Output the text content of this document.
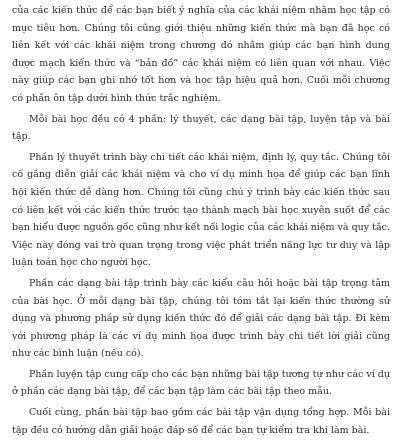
của các kiến thức để các bạn biết ý nghĩa của các khái niệm nhằm học tập có mục tiêu hơn. Chúng tôi cũng giới thiệu những kiến thức mà bạn đã học có liên kết với các khái niệm trong chương đó nhằm giúp các bạn hình dung được mạch kiến thức và “bản đồ” các khái niệm có liên quan với nhau. Việc này giúp các bạn ghi nhớ tốt hơn và học tập hiệu quả hơn. Cuối mỗi chương có phần ôn tập dưới hình thức trắc nghiệm.

Mỗi bài học đều có 4 phần: lý thuyết, các dạng bài tập, luyện tập và bài tập.

Phần lý thuyết trình bày chi tiết các khái niệm, định lý, quy tắc. Chúng tôi cố gắng diễn giải các khái niệm và cho ví dụ minh họa để giúp các bạn lĩnh hội kiến thức dễ dàng hơn. Chúng tôi cũng chú ý trình bày các kiến thức sau có liên kết với các kiến thức trước tạo thành mạch bài học xuyên suốt để các bạn hiểu được nguồn gốc cũng như kết nối logic của các khái niệm và quy tắc. Việc này đóng vai trò quan trọng trong việc phát triển năng lực tư duy và lập luận toán học cho người học.

Phần các dạng bài tập trình bày các kiểu câu hỏi hoặc bài tập trọng tâm của bài học. Ở mỗi dạng bài tập, chúng tôi tóm tắt lại kiến thức thường sử dụng và phương pháp sử dụng kiến thức đó để giải các dạng bài tập. Đi kèm với phương pháp là các ví dụ minh họa được trình bày chi tiết lời giải cũng như các bình luận (nếu có).

Phần luyện tập cung cấp cho các bạn những bài tập tương tự như các ví dụ ở phần các dạng bài tập, để các bạn tập làm các bài tập theo mẫu.

Cuối cùng, phần bài tập bao gồm các bài tập vận dụng tổng hợp. Mỗi bài tập đều có hướng dẫn giải hoặc đáp số để các bạn tự kiểm tra khi làm bài.
